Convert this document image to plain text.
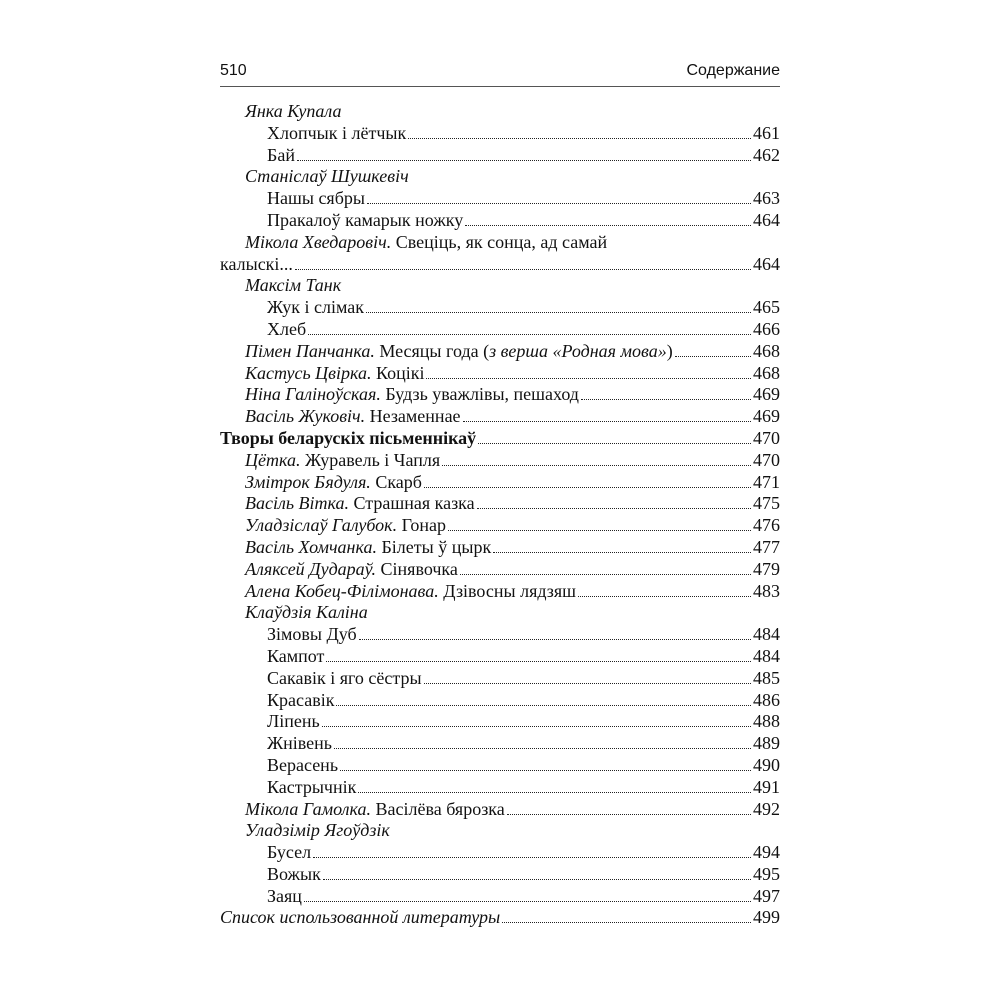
510	Содержание
Янка Купала
Хлопчык і лётчык	461
Бай	462
Станіслаў Шушкевіч
Нашы сябры	463
Пракалоў камарык ножку	464
Мікола Хведаровіч. Свеціць, як сонца, ад самай
калыскі...	464
Максім Танк
Жук і слімак	465
Хлеб	466
Пімен Панчанка. Месяцы года (з верша «Родная мова»)	468
Кастусь Цвірка. Коцікі	468
Ніна Галіноўская. Будзь уважлівы, пешаход	469
Васіль Жуковіч. Незаменнае	469
Творы беларускіх пісьменнікаў	470
Цётка. Журавель і Чапля	470
Змітрок Бядуля. Скарб	471
Васіль Вітка. Страшная казка	475
Уладзіслаў Галубок. Гонар	476
Васіль Хомчанка. Білеты ў цырк	477
Аляксей Дудараў. Сінявочка	479
Алена Кобец-Філімонава. Дзівосны лядзяш	483
Клаўдзія Каліна
Зімовы Дуб	484
Кампот	484
Сакавік і яго сёстры	485
Красавік	486
Ліпень	488
Жнівень	489
Верасень	490
Кастрычнік	491
Мікола Гамолка. Васілёва бярозка	492
Уладзімір Ягоўдзік
Бусел	494
Вожык	495
Заяц	497
Список использованной литературы	499
